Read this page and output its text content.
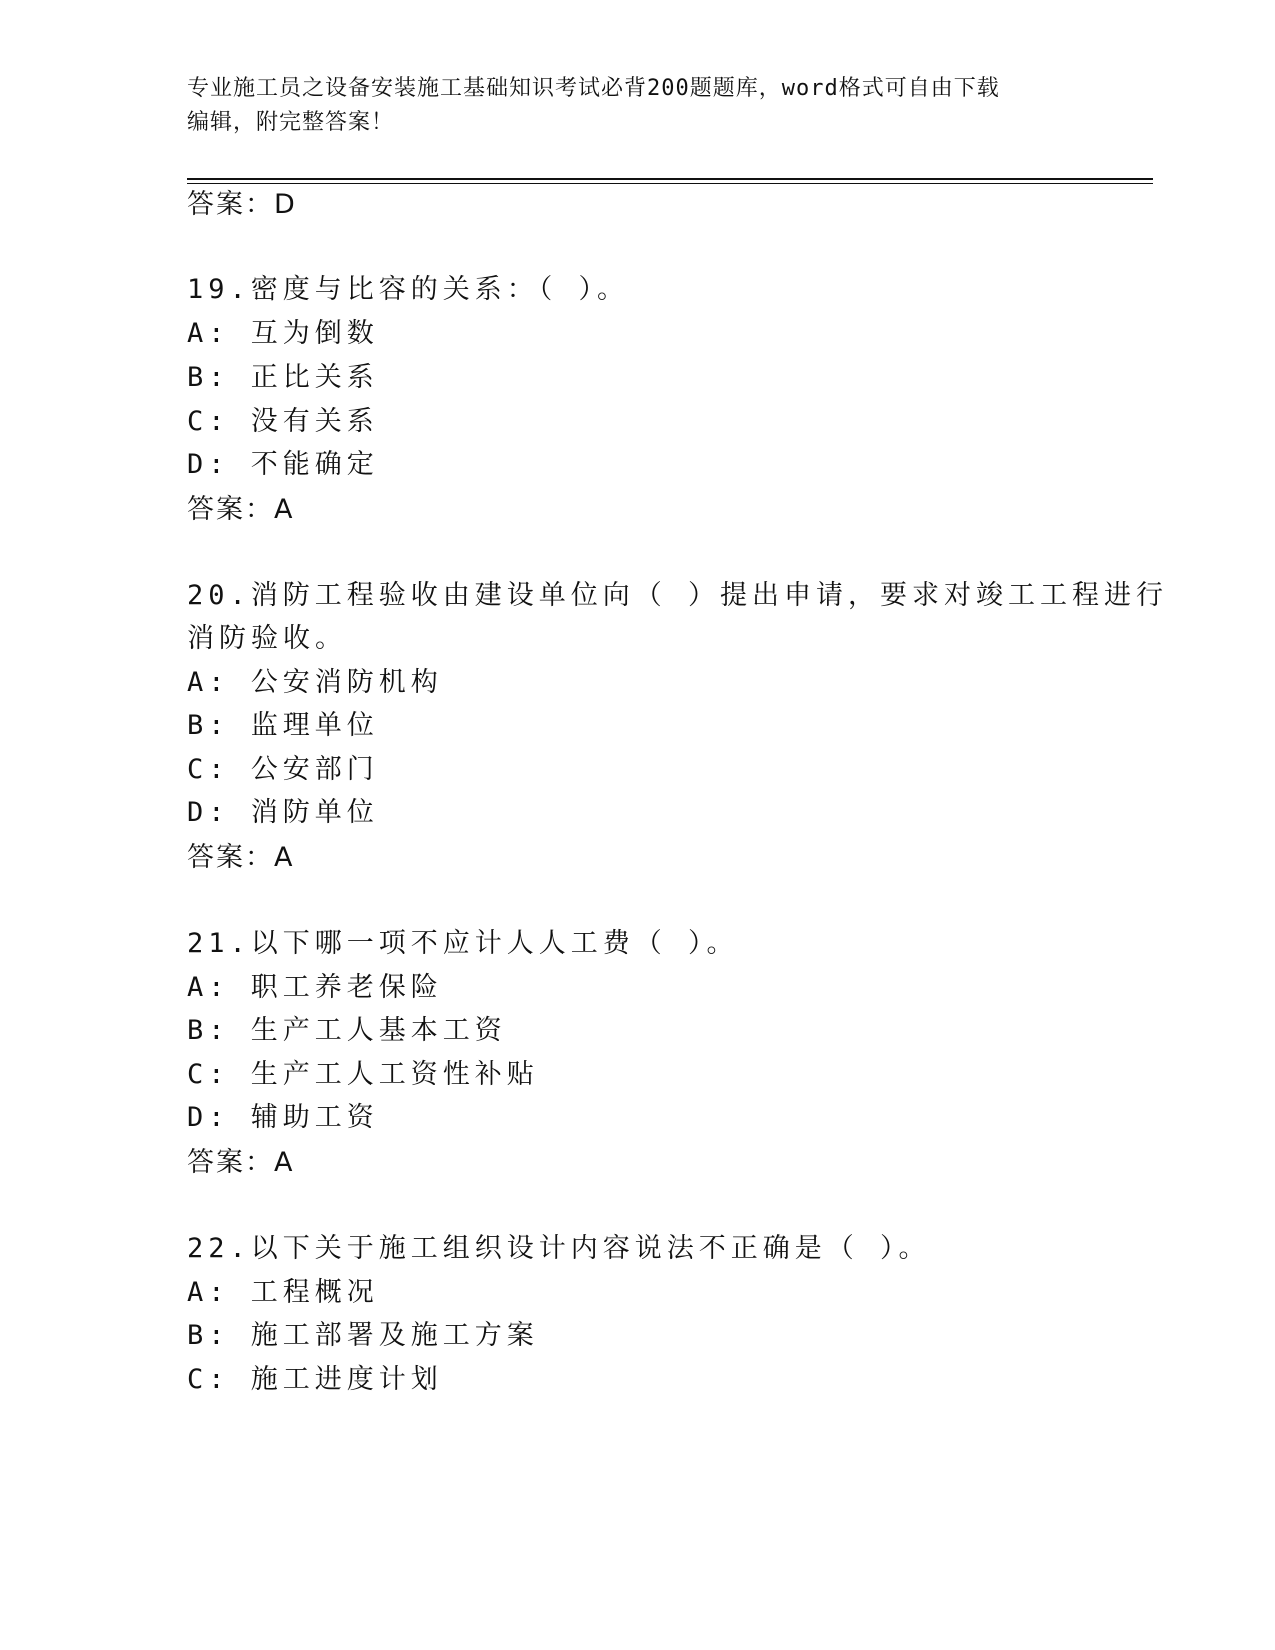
专业施工员之设备安装施工基础知识考试必背200题题库，word格式可自由下载
编辑，附完整答案！
答案：D
19.密度与比容的关系：（ ）。
A: 互为倒数
B: 正比关系
C: 没有关系
D: 不能确定
答案：A
20.消防工程验收由建设单位向（ ）提出申请，要求对竣工工程进行
消防验收。
A: 公安消防机构
B: 监理单位
C: 公安部门
D: 消防单位
答案：A
21.以下哪一项不应计人人工费（ ）。
A: 职工养老保险
B: 生产工人基本工资
C: 生产工人工资性补贴
D: 辅助工资
答案：A
22.以下关于施工组织设计内容说法不正确是（ ）。
A: 工程概况
B: 施工部署及施工方案
C: 施工进度计划
